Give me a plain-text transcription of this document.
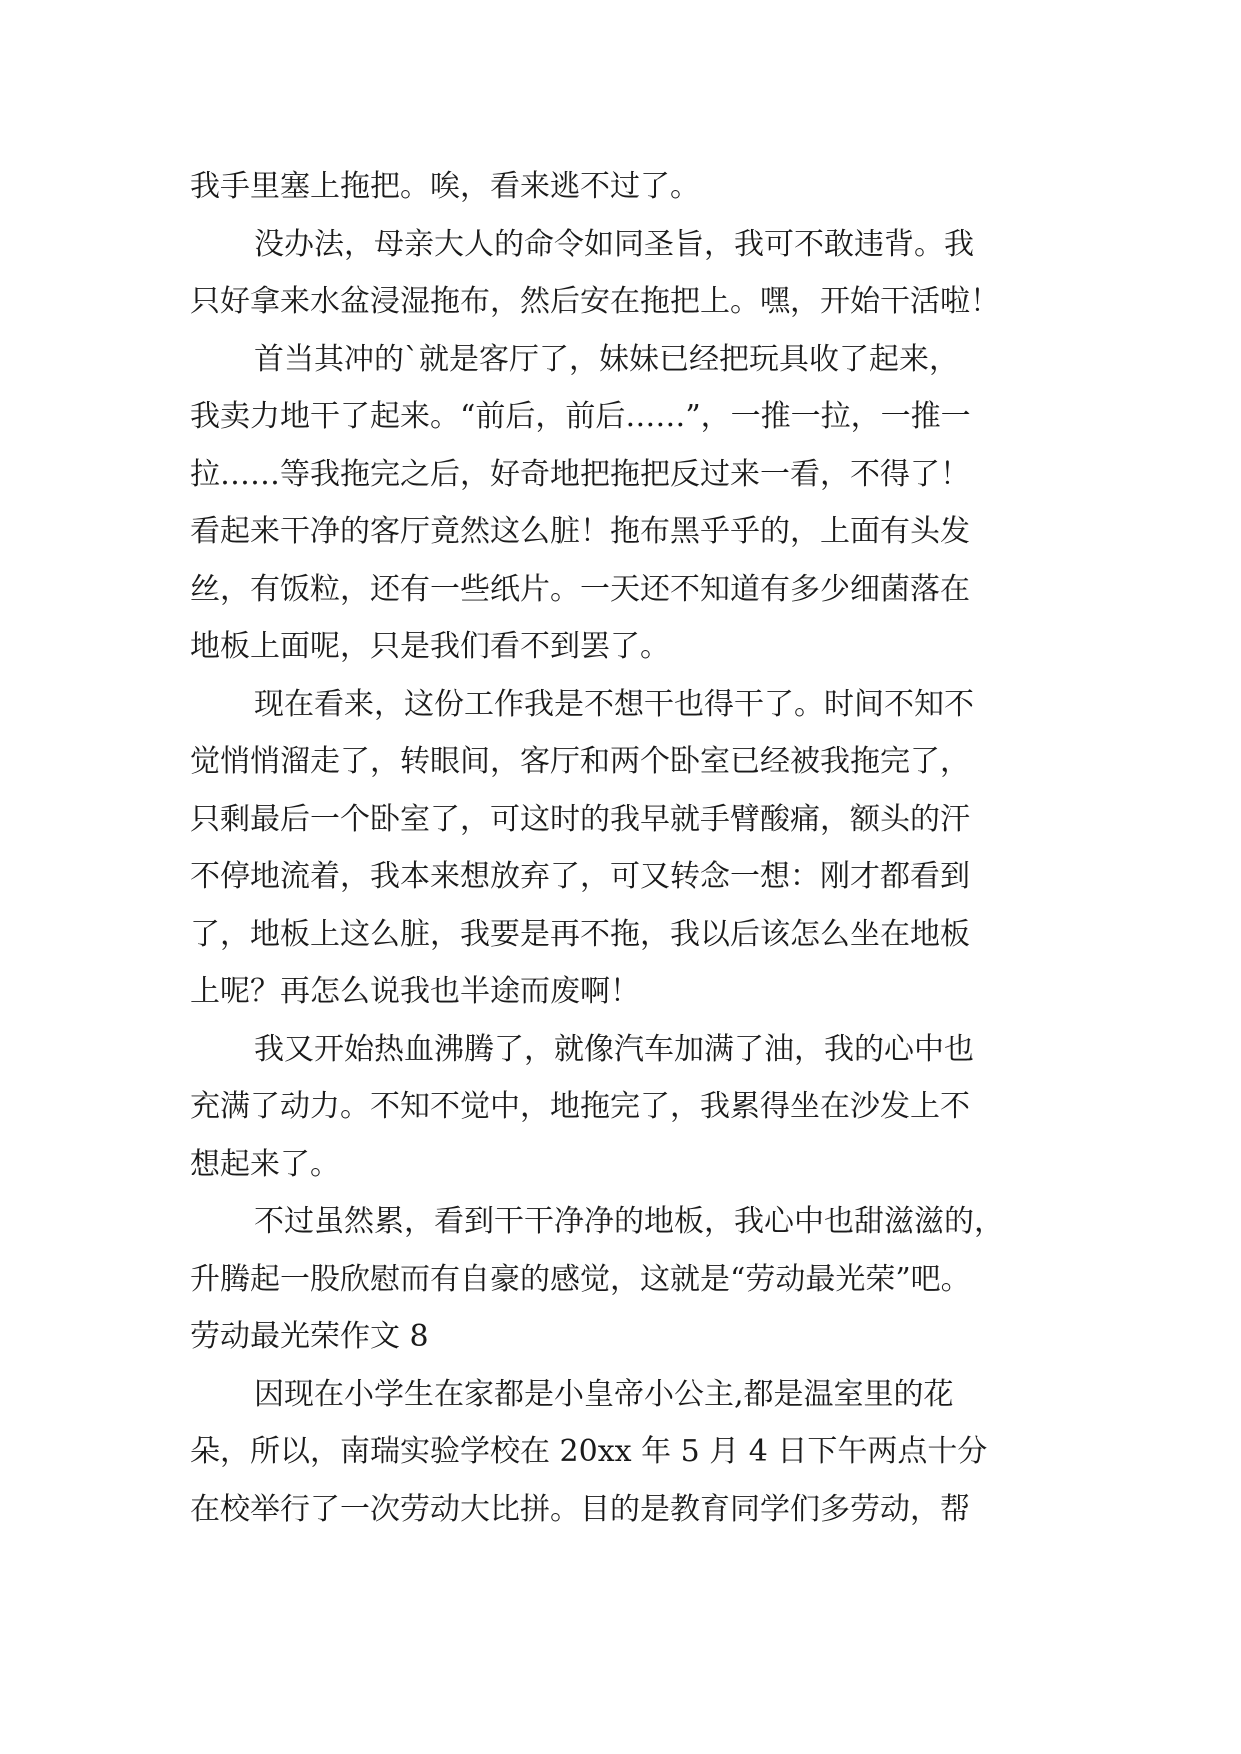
我手里塞上拖把。唉，看来逃不过了。
没办法，母亲大人的命令如同圣旨，我可不敢违背。我
只好拿来水盆浸湿拖布，然后安在拖把上。嘿，开始干活啦！
首当其冲的`就是客厅了，妹妹已经把玩具收了起来，
我卖力地干了起来。“前后，前后……”，一推一拉，一推一
拉……等我拖完之后，好奇地把拖把反过来一看，不得了！
看起来干净的客厅竟然这么脏！拖布黑乎乎的，上面有头发
丝，有饭粒，还有一些纸片。一天还不知道有多少细菌落在
地板上面呢，只是我们看不到罢了。
现在看来，这份工作我是不想干也得干了。时间不知不
觉悄悄溜走了，转眼间，客厅和两个卧室已经被我拖完了，
只剩最后一个卧室了，可这时的我早就手臂酸痛，额头的汗
不停地流着，我本来想放弃了，可又转念一想：刚才都看到
了，地板上这么脏，我要是再不拖，我以后该怎么坐在地板
上呢？再怎么说我也半途而废啊！
我又开始热血沸腾了，就像汽车加满了油，我的心中也
充满了动力。不知不觉中，地拖完了，我累得坐在沙发上不
想起来了。
不过虽然累，看到干干净净的地板，我心中也甜滋滋的，
升腾起一股欣慰而有自豪的感觉，这就是“劳动最光荣”吧。
劳动最光荣作文 8
因现在小学生在家都是小皇帝小公主,都是温室里的花
朵，所以，南瑞实验学校在 20xx 年 5 月 4 日下午两点十分
在校举行了一次劳动大比拼。目的是教育同学们多劳动，帮
